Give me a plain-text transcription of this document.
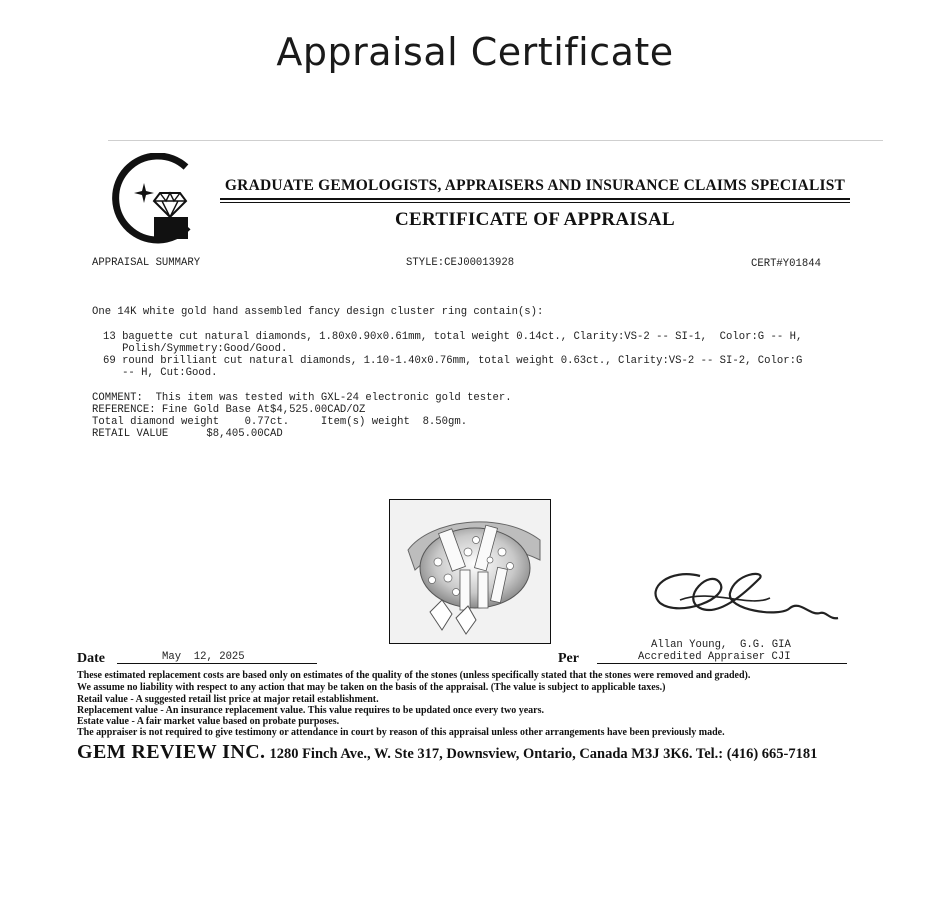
Appraisal Certificate
GRADUATE GEMOLOGISTS, APPRAISERS AND INSURANCE CLAIMS SPECIALIST
CERTIFICATE OF APPRAISAL
APPRAISAL SUMMARY	STYLE:CEJ00013928	CERT#Y01844
One 14K white gold hand assembled fancy design cluster ring contain(s):
13 baguette cut natural diamonds, 1.80x0.90x0.61mm, total weight 0.14ct., Clarity:VS-2 -- SI-1,  Color:G -- H,
Polish/Symmetry:Good/Good.
69 round brilliant cut natural diamonds, 1.10-1.40x0.76mm, total weight 0.63ct., Clarity:VS-2 -- SI-2, Color:G
-- H, Cut:Good.
COMMENT:  This item was tested with GXL-24 electronic gold tester.
REFERENCE: Fine Gold Base At$4,525.00CAD/OZ
Total diamond weight    0.77ct.     Item(s) weight  8.50gm.
RETAIL VALUE      $8,405.00CAD
Allan Young,  G.G. GIA
Date	May  12, 2025	Per	Accredited Appraiser CJI
These estimated replacement costs are based only on estimates of the quality of the stones (unless specifically stated that the stones were removed and graded).
We assume no liability with respect to any action that may be taken on the basis of the appraisal. (The value is subject to applicable taxes.)
Retail value - A suggested retail list price at major retail establishment.
Replacement value - An insurance replacement value. This value requires to be updated once every two years.
Estate value - A fair market value based on probate purposes.
The appraiser is not required to give testimony or attendance in court by reason of this appraisal unless other arrangements have been previously made.
GEM REVIEW INC. 1280 Finch Ave., W. Ste 317, Downsview, Ontario, Canada M3J 3K6. Tel.: (416) 665-7181
